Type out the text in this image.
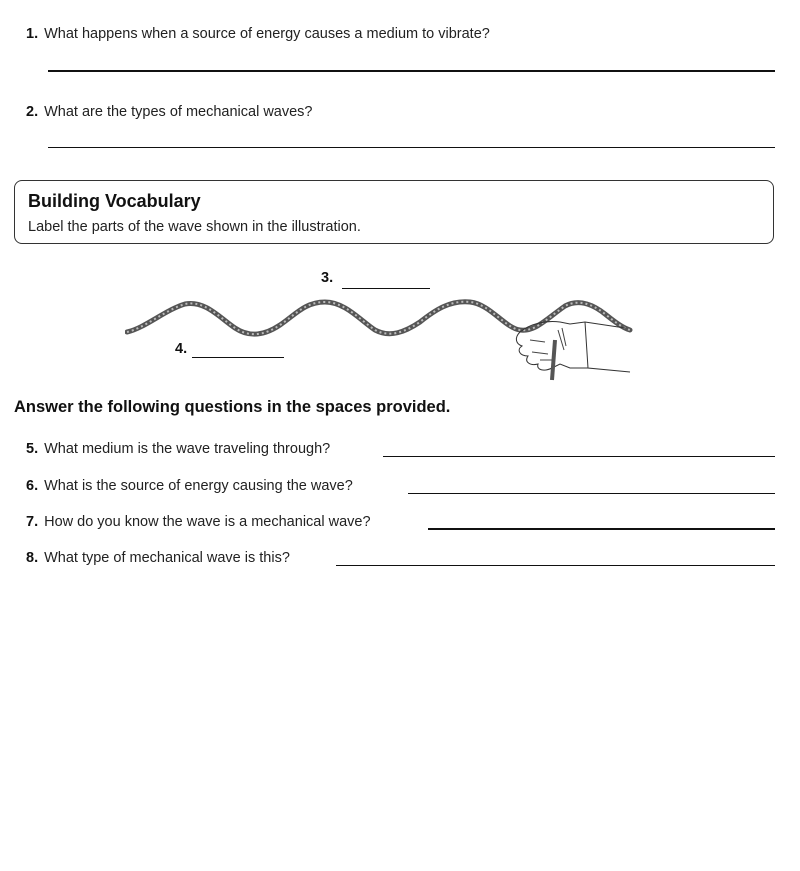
1. What happens when a source of energy causes a medium to vibrate?
2. What are the types of mechanical waves?
Building Vocabulary
Label the parts of the wave shown in the illustration.
3.
4.
Answer the following questions in the spaces provided.
5. What medium is the wave traveling through?
6. What is the source of energy causing the wave?
7. How do you know the wave is a mechanical wave?
8. What type of mechanical wave is this?
